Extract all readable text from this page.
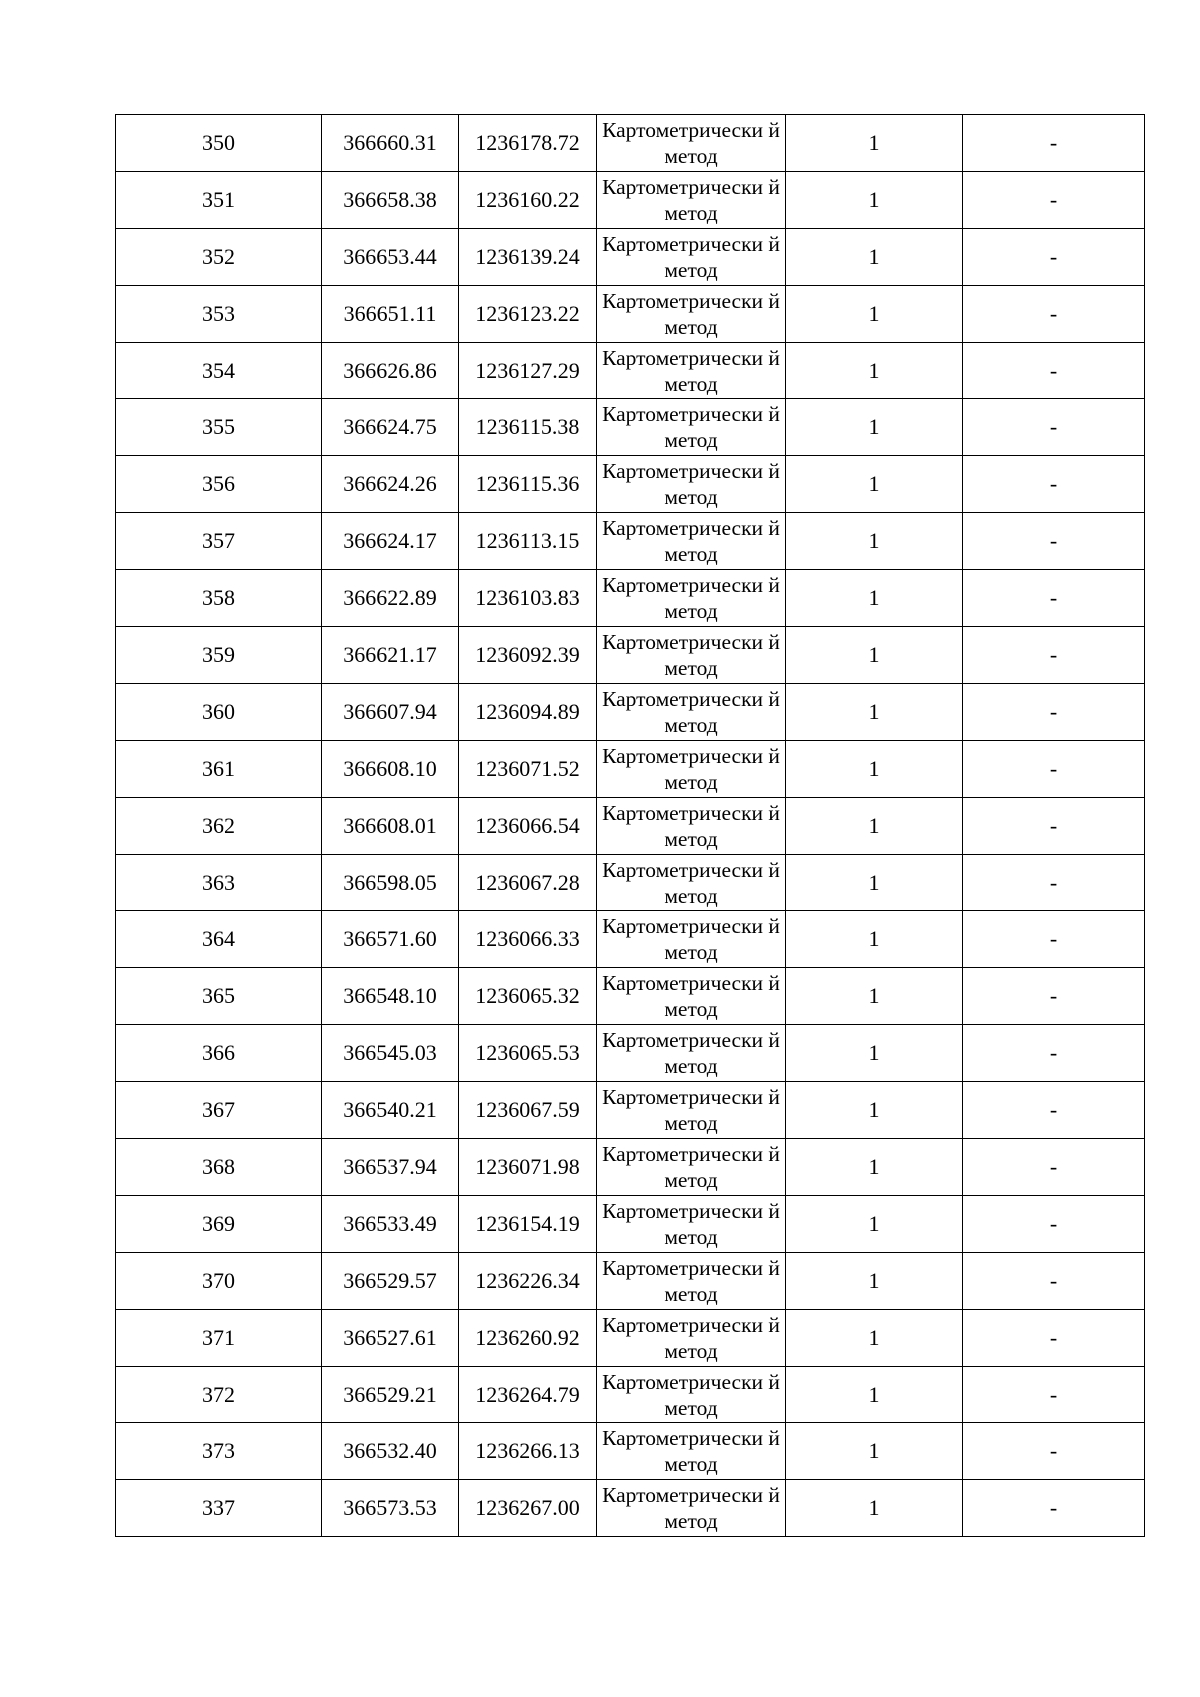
350	366660.31	1236178.72	Картометрически й метод	1	-
351	366658.38	1236160.22	Картометрически й метод	1	-
352	366653.44	1236139.24	Картометрически й метод	1	-
353	366651.11	1236123.22	Картометрически й метод	1	-
354	366626.86	1236127.29	Картометрически й метод	1	-
355	366624.75	1236115.38	Картометрически й метод	1	-
356	366624.26	1236115.36	Картометрически й метод	1	-
357	366624.17	1236113.15	Картометрически й метод	1	-
358	366622.89	1236103.83	Картометрически й метод	1	-
359	366621.17	1236092.39	Картометрически й метод	1	-
360	366607.94	1236094.89	Картометрически й метод	1	-
361	366608.10	1236071.52	Картометрически й метод	1	-
362	366608.01	1236066.54	Картометрически й метод	1	-
363	366598.05	1236067.28	Картометрически й метод	1	-
364	366571.60	1236066.33	Картометрически й метод	1	-
365	366548.10	1236065.32	Картометрически й метод	1	-
366	366545.03	1236065.53	Картометрически й метод	1	-
367	366540.21	1236067.59	Картометрически й метод	1	-
368	366537.94	1236071.98	Картометрически й метод	1	-
369	366533.49	1236154.19	Картометрически й метод	1	-
370	366529.57	1236226.34	Картометрически й метод	1	-
371	366527.61	1236260.92	Картометрически й метод	1	-
372	366529.21	1236264.79	Картометрически й метод	1	-
373	366532.40	1236266.13	Картометрически й метод	1	-
337	366573.53	1236267.00	Картометрически й метод	1	-
